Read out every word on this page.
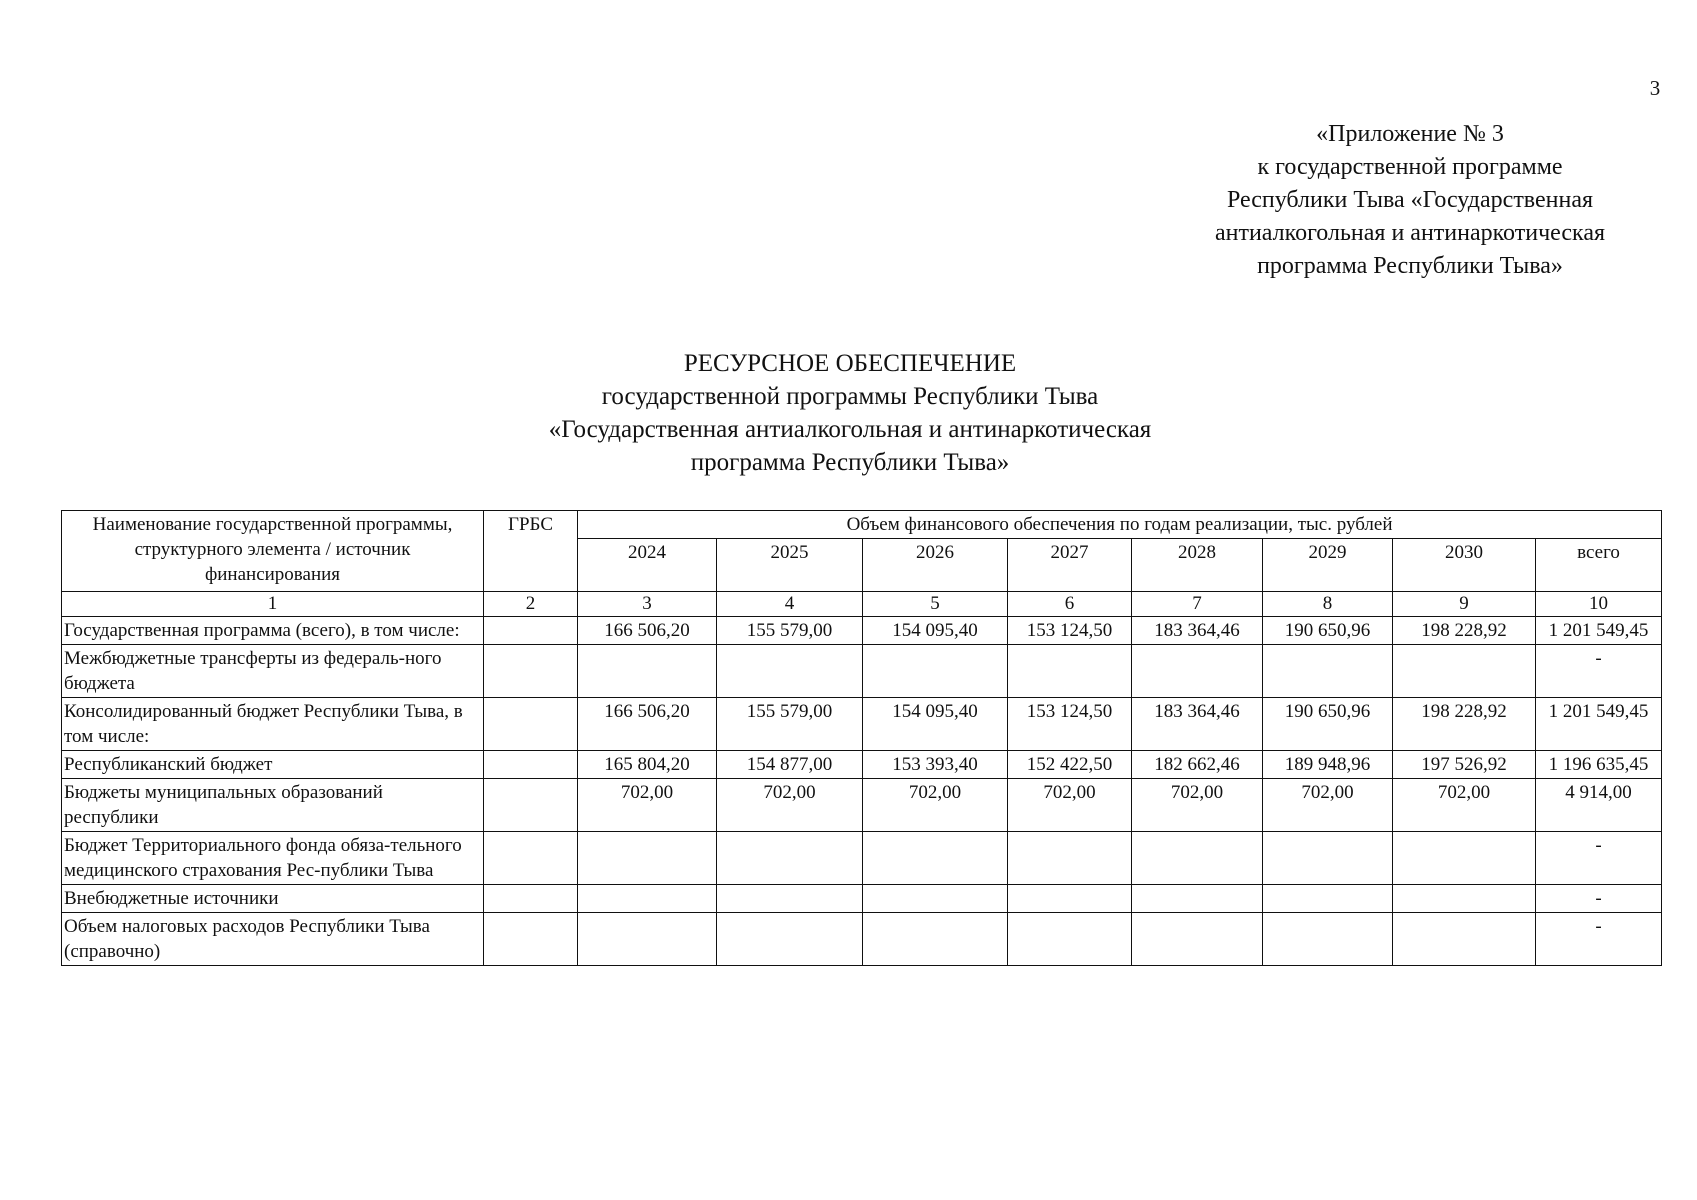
3
«Приложение № 3
к государственной программе
Республики Тыва «Государственная
антиалкогольная и антинаркотическая
программа Республики Тыва»
РЕСУРСНОЕ ОБЕСПЕЧЕНИЕ
государственной программы Республики Тыва
«Государственная антиалкогольная и антинаркотическая
программа Республики Тыва»
Наименование государственной программы, структурного элемента / источник финансирования	ГРБС	Объем финансового обеспечения по годам реализации, тыс. рублей							
		2024	2025	2026	2027	2028	2029	2030	всего
1	2	3	4	5	6	7	8	9	10
Государственная программа (всего), в том числе:		166 506,20	155 579,00	154 095,40	153 124,50	183 364,46	190 650,96	198 228,92	1 201 549,45
Межбюджетные трансферты из федераль-ного бюджета									-
Консолидированный бюджет Республики Тыва, в том числе:		166 506,20	155 579,00	154 095,40	153 124,50	183 364,46	190 650,96	198 228,92	1 201 549,45
Республиканский бюджет		165 804,20	154 877,00	153 393,40	152 422,50	182 662,46	189 948,96	197 526,92	1 196 635,45
Бюджеты муниципальных образований республики		702,00	702,00	702,00	702,00	702,00	702,00	702,00	4 914,00
Бюджет Территориального фонда обяза-тельного медицинского страхования Рес-публики Тыва									-
Внебюджетные источники									-
Объем налоговых расходов Республики Тыва (справочно)									-
